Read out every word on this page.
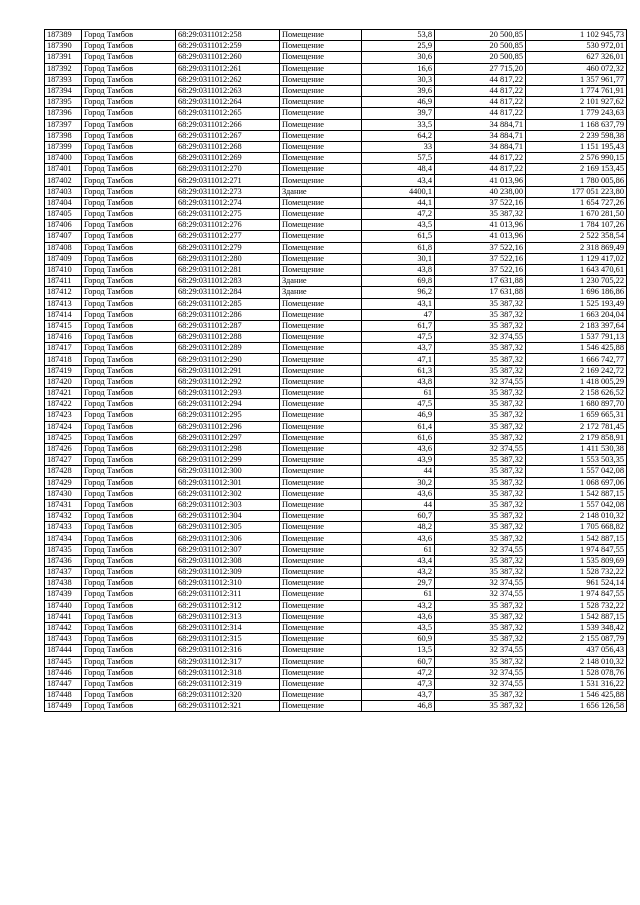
187389	Город Тамбов	68:29:0311012:258	Помещение	53,8	20 500,85	1 102 945,73
187390	Город Тамбов	68:29:0311012:259	Помещение	25,9	20 500,85	530 972,01
187391	Город Тамбов	68:29:0311012:260	Помещение	30,6	20 500,85	627 326,01
187392	Город Тамбов	68:29:0311012:261	Помещение	16,6	27 715,20	460 072,32
187393	Город Тамбов	68:29:0311012:262	Помещение	30,3	44 817,22	1 357 961,77
187394	Город Тамбов	68:29:0311012:263	Помещение	39,6	44 817,22	1 774 761,91
187395	Город Тамбов	68:29:0311012:264	Помещение	46,9	44 817,22	2 101 927,62
187396	Город Тамбов	68:29:0311012:265	Помещение	39,7	44 817,22	1 779 243,63
187397	Город Тамбов	68:29:0311012:266	Помещение	33,5	34 884,71	1 168 637,79
187398	Город Тамбов	68:29:0311012:267	Помещение	64,2	34 884,71	2 239 598,38
187399	Город Тамбов	68:29:0311012:268	Помещение	33	34 884,71	1 151 195,43
187400	Город Тамбов	68:29:0311012:269	Помещение	57,5	44 817,22	2 576 990,15
187401	Город Тамбов	68:29:0311012:270	Помещение	48,4	44 817,22	2 169 153,45
187402	Город Тамбов	68:29:0311012:271	Помещение	43,4	41 013,96	1 780 005,86
187403	Город Тамбов	68:29:0311012:273	Здание	4400,1	40 238,00	177 051 223,80
187404	Город Тамбов	68:29:0311012:274	Помещение	44,1	37 522,16	1 654 727,26
187405	Город Тамбов	68:29:0311012:275	Помещение	47,2	35 387,32	1 670 281,50
187406	Город Тамбов	68:29:0311012:276	Помещение	43,5	41 013,96	1 784 107,26
187407	Город Тамбов	68:29:0311012:277	Помещение	61,5	41 013,96	2 522 358,54
187408	Город Тамбов	68:29:0311012:279	Помещение	61,8	37 522,16	2 318 869,49
187409	Город Тамбов	68:29:0311012:280	Помещение	30,1	37 522,16	1 129 417,02
187410	Город Тамбов	68:29:0311012:281	Помещение	43,8	37 522,16	1 643 470,61
187411	Город Тамбов	68:29:0311012:283	Здание	69,8	17 631,88	1 230 705,22
187412	Город Тамбов	68:29:0311012:284	Здание	96,2	17 631,88	1 696 186,86
187413	Город Тамбов	68:29:0311012:285	Помещение	43,1	35 387,32	1 525 193,49
187414	Город Тамбов	68:29:0311012:286	Помещение	47	35 387,32	1 663 204,04
187415	Город Тамбов	68:29:0311012:287	Помещение	61,7	35 387,32	2 183 397,64
187416	Город Тамбов	68:29:0311012:288	Помещение	47,5	32 374,55	1 537 791,13
187417	Город Тамбов	68:29:0311012:289	Помещение	43,7	35 387,32	1 546 425,88
187418	Город Тамбов	68:29:0311012:290	Помещение	47,1	35 387,32	1 666 742,77
187419	Город Тамбов	68:29:0311012:291	Помещение	61,3	35 387,32	2 169 242,72
187420	Город Тамбов	68:29:0311012:292	Помещение	43,8	32 374,55	1 418 005,29
187421	Город Тамбов	68:29:0311012:293	Помещение	61	35 387,32	2 158 626,52
187422	Город Тамбов	68:29:0311012:294	Помещение	47,5	35 387,32	1 680 897,70
187423	Город Тамбов	68:29:0311012:295	Помещение	46,9	35 387,32	1 659 665,31
187424	Город Тамбов	68:29:0311012:296	Помещение	61,4	35 387,32	2 172 781,45
187425	Город Тамбов	68:29:0311012:297	Помещение	61,6	35 387,32	2 179 858,91
187426	Город Тамбов	68:29:0311012:298	Помещение	43,6	32 374,55	1 411 530,38
187427	Город Тамбов	68:29:0311012:299	Помещение	43,9	35 387,32	1 553 503,35
187428	Город Тамбов	68:29:0311012:300	Помещение	44	35 387,32	1 557 042,08
187429	Город Тамбов	68:29:0311012:301	Помещение	30,2	35 387,32	1 068 697,06
187430	Город Тамбов	68:29:0311012:302	Помещение	43,6	35 387,32	1 542 887,15
187431	Город Тамбов	68:29:0311012:303	Помещение	44	35 387,32	1 557 042,08
187432	Город Тамбов	68:29:0311012:304	Помещение	60,7	35 387,32	2 148 010,32
187433	Город Тамбов	68:29:0311012:305	Помещение	48,2	35 387,32	1 705 668,82
187434	Город Тамбов	68:29:0311012:306	Помещение	43,6	35 387,32	1 542 887,15
187435	Город Тамбов	68:29:0311012:307	Помещение	61	32 374,55	1 974 847,55
187436	Город Тамбов	68:29:0311012:308	Помещение	43,4	35 387,32	1 535 809,69
187437	Город Тамбов	68:29:0311012:309	Помещение	43,2	35 387,32	1 528 732,22
187438	Город Тамбов	68:29:0311012:310	Помещение	29,7	32 374,55	961 524,14
187439	Город Тамбов	68:29:0311012:311	Помещение	61	32 374,55	1 974 847,55
187440	Город Тамбов	68:29:0311012:312	Помещение	43,2	35 387,32	1 528 732,22
187441	Город Тамбов	68:29:0311012:313	Помещение	43,6	35 387,32	1 542 887,15
187442	Город Тамбов	68:29:0311012:314	Помещение	43,5	35 387,32	1 539 348,42
187443	Город Тамбов	68:29:0311012:315	Помещение	60,9	35 387,32	2 155 087,79
187444	Город Тамбов	68:29:0311012:316	Помещение	13,5	32 374,55	437 056,43
187445	Город Тамбов	68:29:0311012:317	Помещение	60,7	35 387,32	2 148 010,32
187446	Город Тамбов	68:29:0311012:318	Помещение	47,2	32 374,55	1 528 078,76
187447	Город Тамбов	68:29:0311012:319	Помещение	47,3	32 374,55	1 531 316,22
187448	Город Тамбов	68:29:0311012:320	Помещение	43,7	35 387,32	1 546 425,88
187449	Город Тамбов	68:29:0311012:321	Помещение	46,8	35 387,32	1 656 126,58
